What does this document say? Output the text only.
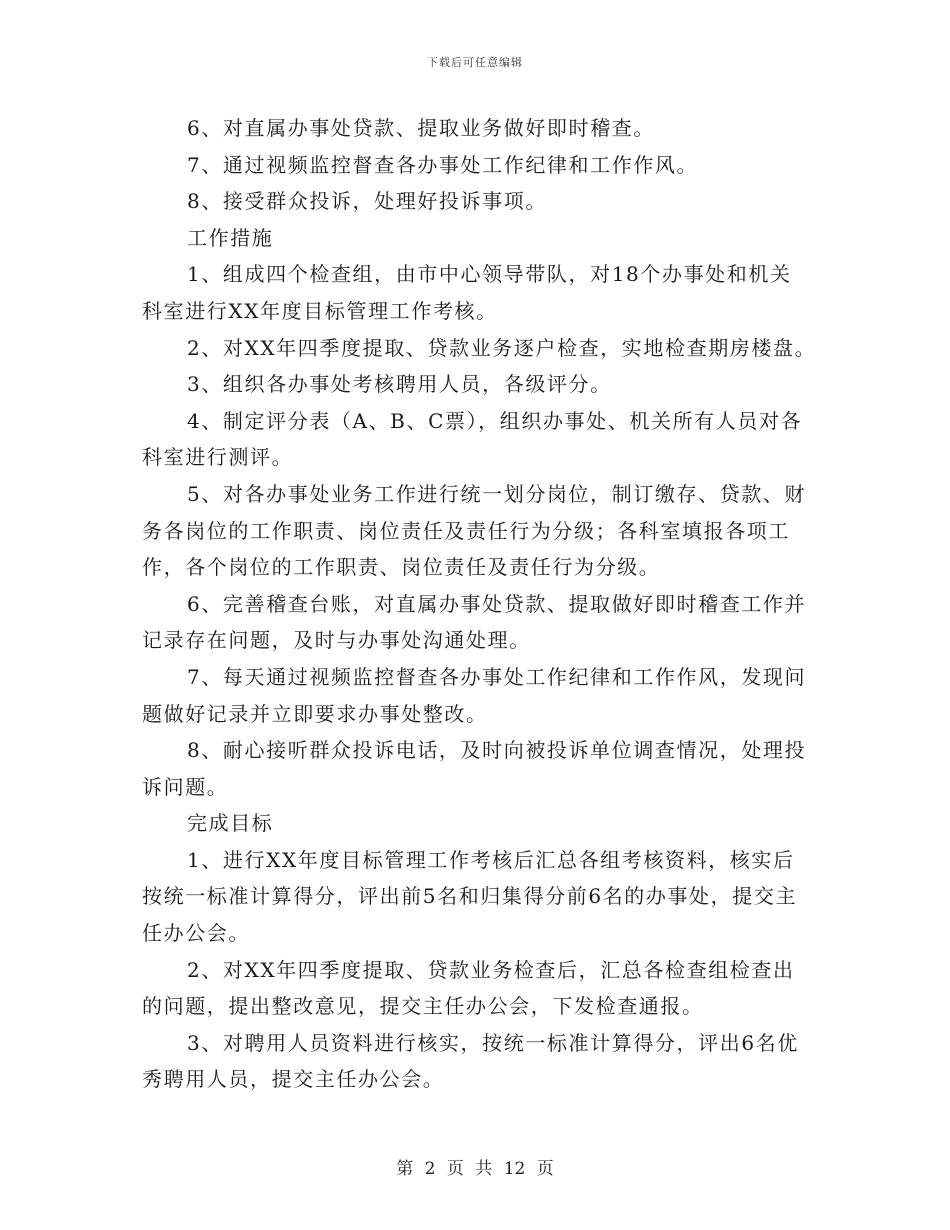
下载后可任意编辑
6、对直属办事处贷款、提取业务做好即时稽查。
7、通过视频监控督查各办事处工作纪律和工作作风。
8、接受群众投诉，处理好投诉事项。
工作措施
1、组成四个检查组，由市中心领导带队，对18个办事处和机关
科室进行XX年度目标管理工作考核。
2、对XX年四季度提取、贷款业务逐户检查，实地检查期房楼盘。
3、组织各办事处考核聘用人员，各级评分。
4、制定评分表（A、B、C票），组织办事处、机关所有人员对各
科室进行测评。
5、对各办事处业务工作进行统一划分岗位，制订缴存、贷款、财
务各岗位的工作职责、岗位责任及责任行为分级；各科室填报各项工
作，各个岗位的工作职责、岗位责任及责任行为分级。
6、完善稽查台账，对直属办事处贷款、提取做好即时稽查工作并
记录存在问题，及时与办事处沟通处理。
7、每天通过视频监控督查各办事处工作纪律和工作作风，发现问
题做好记录并立即要求办事处整改。
8、耐心接听群众投诉电话，及时向被投诉单位调查情况，处理投
诉问题。
完成目标
1、进行XX年度目标管理工作考核后汇总各组考核资料，核实后
按统一标准计算得分，评出前5名和归集得分前6名的办事处，提交主
任办公会。
2、对XX年四季度提取、贷款业务检查后，汇总各检查组检查出
的问题，提出整改意见，提交主任办公会，下发检查通报。
3、对聘用人员资料进行核实，按统一标准计算得分，评出6名优
秀聘用人员，提交主任办公会。
第 2 页 共 12 页
